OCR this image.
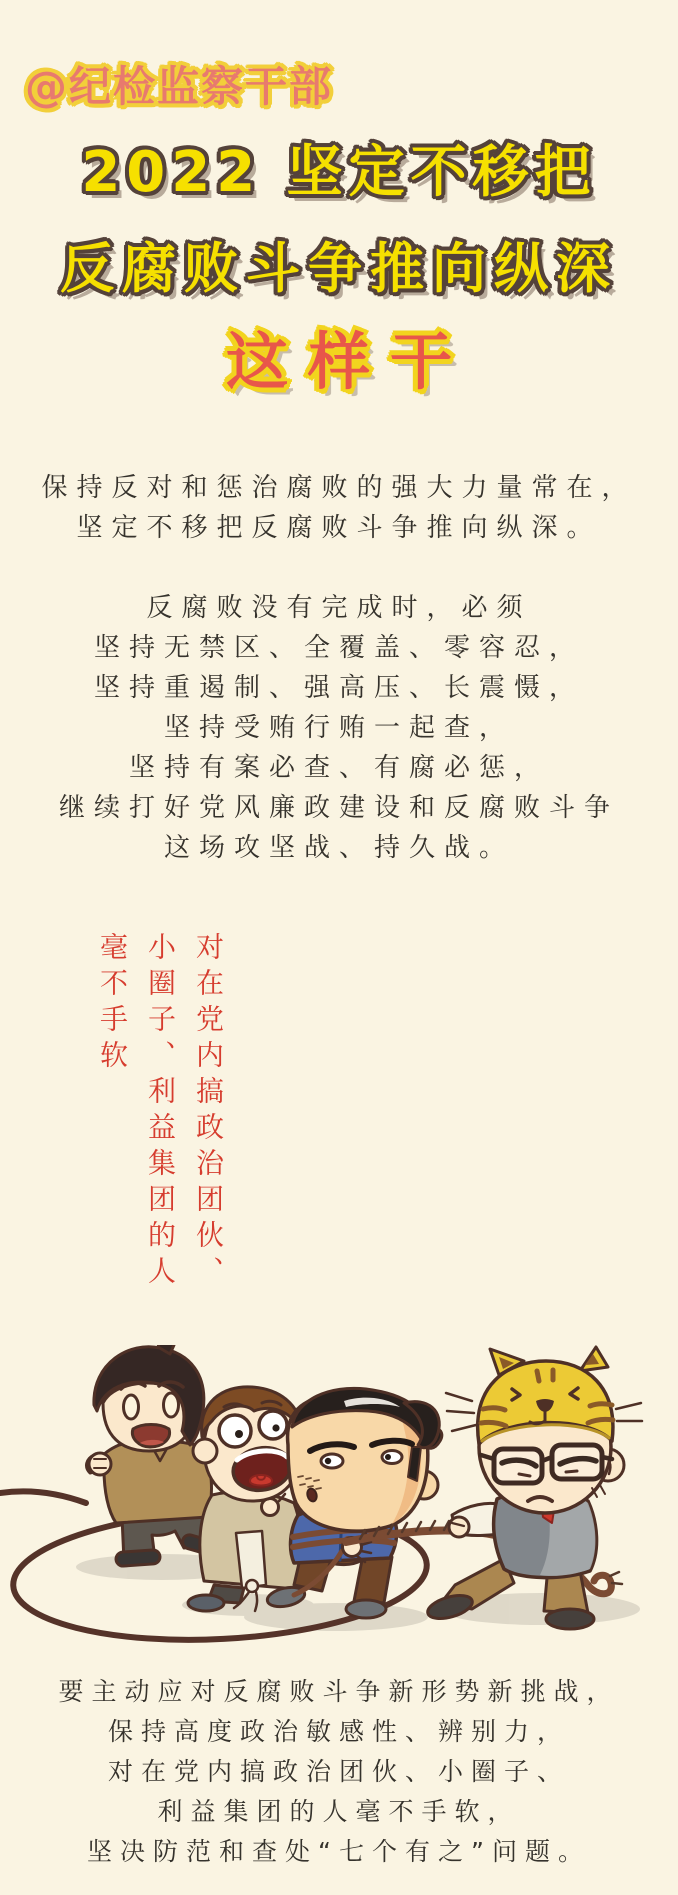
@纪检监察干部
2022 坚定不移把
反腐败斗争推向纵深
这样干
保持反对和惩治腐败的强大力量常在，
坚定不移把反腐败斗争推向纵深。
反腐败没有完成时，必须
坚持无禁区、全覆盖、零容忍，
坚持重遏制、强高压、长震慑，
坚持受贿行贿一起查，
坚持有案必查、有腐必惩，
继续打好党风廉政建设和反腐败斗争
这场攻坚战、持久战。
对在党内搞政治团伙、
小圈子、利益集团的人
毫不手软
要主动应对反腐败斗争新形势新挑战，
保持高度政治敏感性、辨别力，
对在党内搞政治团伙、小圈子、
利益集团的人毫不手软，
坚决防范和查处“七个有之”问题。
